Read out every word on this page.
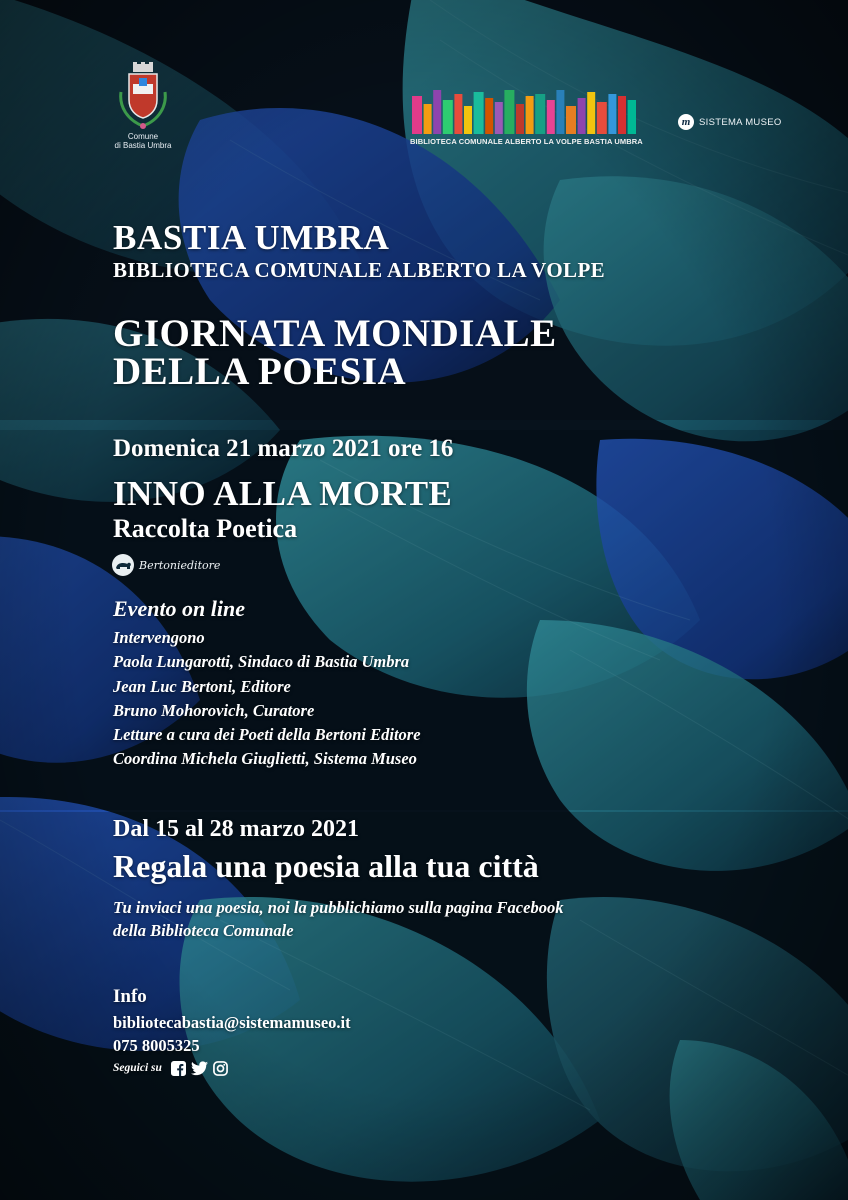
Comune
di Bastia Umbra	BIBLIOTECA COMUNALE ALBERTO LA VOLPE BASTIA UMBRA
m SISTEMA MUSEO
BASTIA UMBRA
BIBLIOTECA COMUNALE ALBERTO LA VOLPE
GIORNATA MONDIALE
DELLA POESIA
Domenica 21 marzo 2021 ore 16
INNO ALLA MORTE
Raccolta Poetica
Bertonieditore
Evento on line
Intervengono
Paola Lungarotti, Sindaco di Bastia Umbra
Jean Luc Bertoni, Editore
Bruno Mohorovich, Curatore
Letture a cura dei Poeti della Bertoni Editore
Coordina Michela Giuglietti, Sistema Museo
Dal 15 al 28 marzo 2021
Regala una poesia alla tua città
Tu inviaci una poesia, noi la pubblichiamo sulla pagina Facebook
della Biblioteca Comunale
Info
bibliotecabastia@sistemamuseo.it
075 8005325
Seguici su
